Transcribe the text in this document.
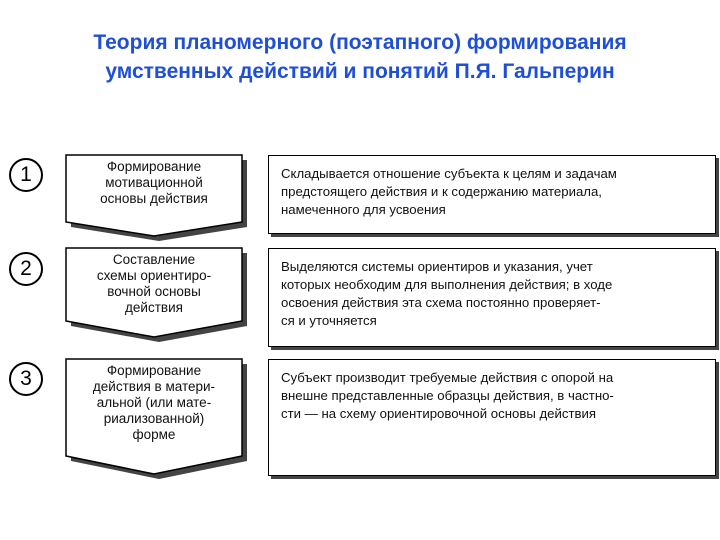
Теория планомерного (поэтапного) формирования
умственных действий и понятий П.Я. Гальперин
1	Формирование
мотивационной
основы действия
Складывается отношение субъекта к целям и задачам
предстоящего действия и к содержанию материала,
намеченного для усвоения
2	Составление
схемы ориентиро-
вочной основы
действия
Выделяются системы ориентиров и указания, учет
которых необходим для выполнения действия; в ходе
освоения действия эта схема постоянно проверяет-
ся и уточняется
3	Формирование
действия в матери-
альной (или мате-
риализованной)
форме
Субъект производит требуемые действия с опорой на
внешне представленные образцы действия, в частно-
сти — на схему ориентировочной основы действия
